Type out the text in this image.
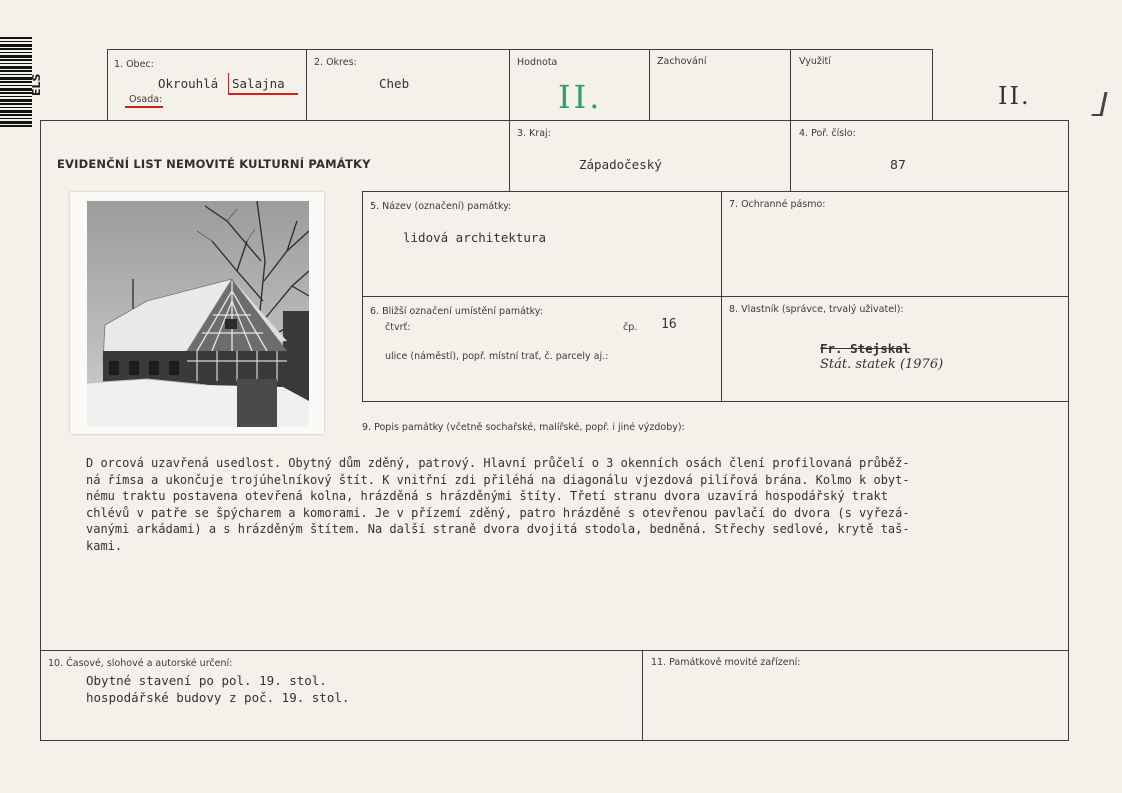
ELS
1. Obec:
Okrouhlá Salajna
Osada:
2. Okres:
Cheb
Hodnota
II.
Zachování	Využití
II.
EVIDENČNÍ LIST NEMOVITÉ KULTURNÍ PAMÁTKY
3. Kraj:
Západočeský
4. Poř. číslo:
87
5. Název (označení) památky:
lidová architektura
7. Ochranné pásmo:
6. Bližší označení umístění památky:
čtvrť:	čp. 16
ulice (náměstí), popř. místní trať, č. parcely aj.:
8. Vlastník (správce, trvalý uživatel):
Fr. Stejskal
Stát. statek (1976)
9. Popis památky (včetně sochařské, malířské, popř. i jiné výzdoby):
D orcová uzavřená usedlost. Obytný dům zděný, patrový. Hlavní průčelí o 3 okenních osách člení profilovaná průběž-
ná římsa a ukončuje trojúhelníkový štít. K vnitřní zdi přiléhá na diagonálu vjezdová pilířová brána. Kolmo k obyt-
nému traktu postavena otevřená kolna, hrázděná s hrázděnými štíty. Třetí stranu dvora uzavírá hospodářský trakt
chlévů v patře se špýcharem a komorami. Je v přízemí zděný, patro hrázděné s otevřenou pavlačí do dvora (s vyřezá-
vanými arkádami) a s hrázděným štítem. Na další straně dvora dvojitá stodola, bedněná. Střechy sedlové, krytě taš-
kami.
10. Časové, slohové a autorské určení:
Obytné stavení po pol. 19. stol.
hospodářské budovy z poč. 19. stol.
11. Památkově movité zařízení:
